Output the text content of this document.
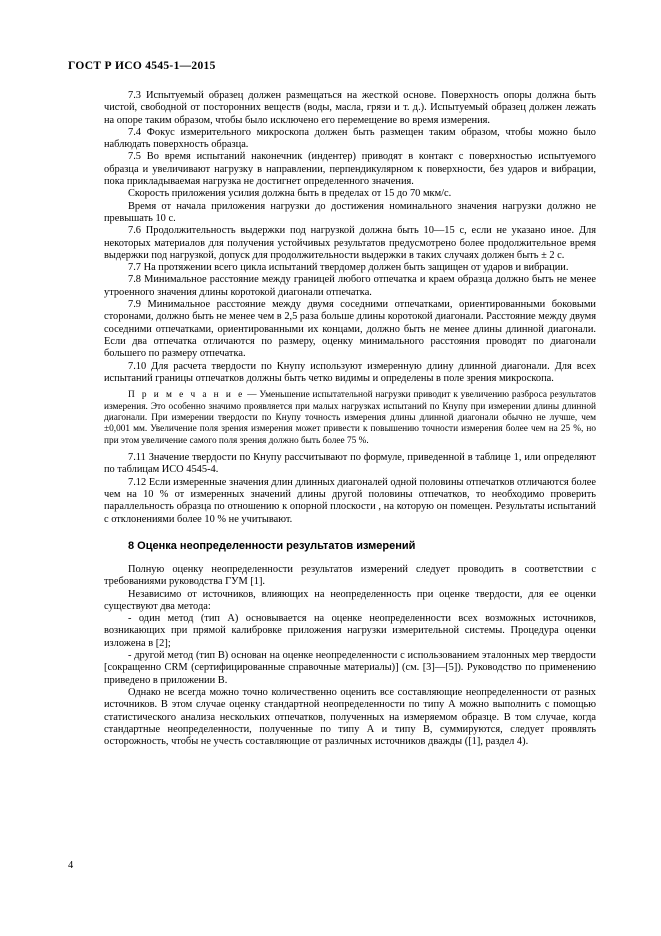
ГОСТ Р ИСО 4545-1—2015

7.3 Испытуемый образец должен размещаться на жесткой основе. Поверхность опоры должна быть чистой, свободной от посторонних веществ (воды, масла, грязи и т. д.). Испытуемый образец должен лежать на опоре таким образом, чтобы было исключено его перемещение во время измерения.

7.4 Фокус измерительного микроскопа должен быть размещен таким образом, чтобы можно было наблюдать поверхность образца.

7.5 Во время испытаний наконечник (индентер) приводят в контакт с поверхностью испытуемого образца и увеличивают нагрузку в направлении, перпендикулярном к поверхности, без ударов и вибрации, пока прикладываемая нагрузка не достигнет определенного значения.

Скорость приложения усилия должна быть в пределах от 15 до 70 мкм/с.

Время от начала приложения нагрузки до достижения номинального значения нагрузки должно не превышать 10 с.

7.6 Продолжительность выдержки под нагрузкой должна быть 10—15 с, если не указано иное. Для некоторых материалов для получения устойчивых результатов предусмотрено более продолжительное время выдержки под нагрузкой, допуск для продолжительности выдержки в таких случаях должен быть ± 2 с.

7.7 На протяжении всего цикла испытаний твердомер должен быть защищен от ударов и вибрации.

7.8 Минимальное расстояние между границей любого отпечатка и краем образца должно быть не менее утроенного значения длины коротокой диагонали отпечатка.

7.9 Минимальное расстояние между двумя соседними отпечатками, ориентированными боковыми сторонами, должно быть не менее чем в 2,5 раза больше длины коротокой диагонали. Расстояние между двумя соседними отпечатками, ориентированными их концами, должно быть не менее длины длинной диагонали. Если два отпечатка отличаются по размеру, оценку минимального расстояния проводят по диагонали большего по размеру отпечатка.

7.10 Для расчета твердости по Кнупу используют измеренную длину длинной диагонали. Для всех испытаний границы отпечатков должны быть четко видимы и определены в поле зрения микроскопа.

П р и м е ч а н и е — Уменьшение испытательной нагрузки приводит к увеличению разброса результатов измерения. Это особенно значимо проявляется при малых нагрузках испытаний по Кнупу при измерении длины длинной диагонали. При измерении твердости по Кнупу точность измерения длины длинной диагонали обычно не лучше, чем ±0,001 мм. Увеличение поля зрения измерения может привести к повышению точности измерения более чем на 25 %, но при этом увеличение самого поля зрения должно быть более 75 %.

7.11 Значение твердости по Кнупу рассчитывают по формуле, приведенной в таблице 1, или определяют по таблицам ИСО 4545-4.

7.12 Если измеренные значения длин длинных диагоналей одной половины отпечатков отличаются более чем на 10 % от измеренных значений длины другой половины отпечатков, то необходимо проверить параллельность образца по отношению к опорной плоскости , на которую он помещен. Результаты испытаний с отклонениями более 10 % не учитывают.

8 Оценка неопределенности результатов измерений

Полную оценку неопределенности результатов измерений следует проводить в соответствии с требованиями руководства ГУМ [1].

Независимо от источников, влияющих на неопределенность при оценке твердости, для ее оценки существуют два метода:

- один метод (тип А) основывается на оценке неопределенности всех возможных источников, возникающих при прямой калибровке приложения нагрузки измерительной системы. Процедура оценки изложена в [2];

- другой метод (тип В) основан на оценке неопределенности с использованием эталонных мер твердости [сокращенно CRM (сертифицированные справочные материалы)] (см. [3]—[5]). Руководство по применению приведено в приложении В.

Однако не всегда можно точно количественно оценить все составляющие неопределенности от разных источников. В этом случае оценку стандартной неопределенности по типу А можно выполнить с помощью статистического анализа нескольких отпечатков, полученных на измеряемом образце. В том случае, когда стандартные неопределенности, полученные по типу А и типу В, суммируются, следует проявлять осторожность, чтобы не учесть составляющие от различных источников дважды ([1], раздел 4).

4
